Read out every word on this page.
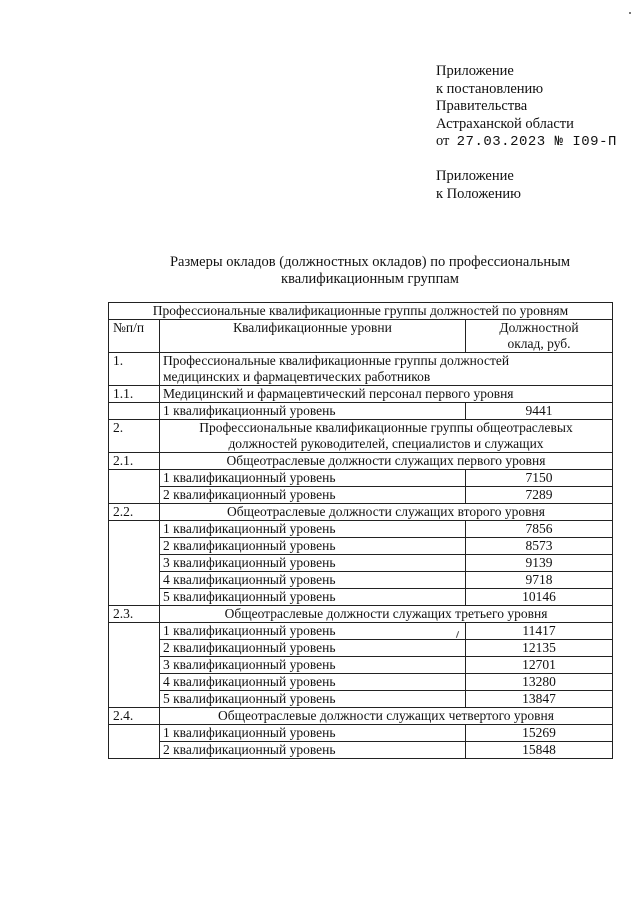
Приложение
к постановлению
Правительства
Астраханской области
от 27.03.2023 № I09-П
Приложение
к Положению
Размеры окладов (должностных окладов) по профессиональным
квалификационным группам
Профессиональные квалификационные группы должностей по уровням		
№п/п	Квалификационные уровни	Должностной
оклад, руб.

1.	Профессиональные квалификационные группы должностей
медицинских и фармацевтических работников	

1.1.	Медицинский и фармацевтический персонал первого уровня	
	1 квалификационный уровень	9441
2.	Профессиональные квалификационные группы общеотраслевых
должностей руководителей, специалистов и служащих	

2.1.	Общеотраслевые должности служащих первого уровня	
	1 квалификационный уровень	7150
	2 квалификационный уровень	7289
2.2.	Общеотраслевые должности служащих второго уровня	
	1 квалификационный уровень	7856
	2 квалификационный уровень	8573
	3 квалификационный уровень	9139
	4 квалификационный уровень	9718
	5 квалификационный уровень	10146
2.3.	Общеотраслевые должности служащих третьего уровня	
	1 квалификационный уровень	11417
	2 квалификационный уровень	12135
	3 квалификационный уровень	12701
	4 квалификационный уровень	13280
	5 квалификационный уровень	13847
2.4.	Общеотраслевые должности служащих четвертого уровня	
	1 квалификационный уровень	15269
	2 квалификационный уровень	15848
